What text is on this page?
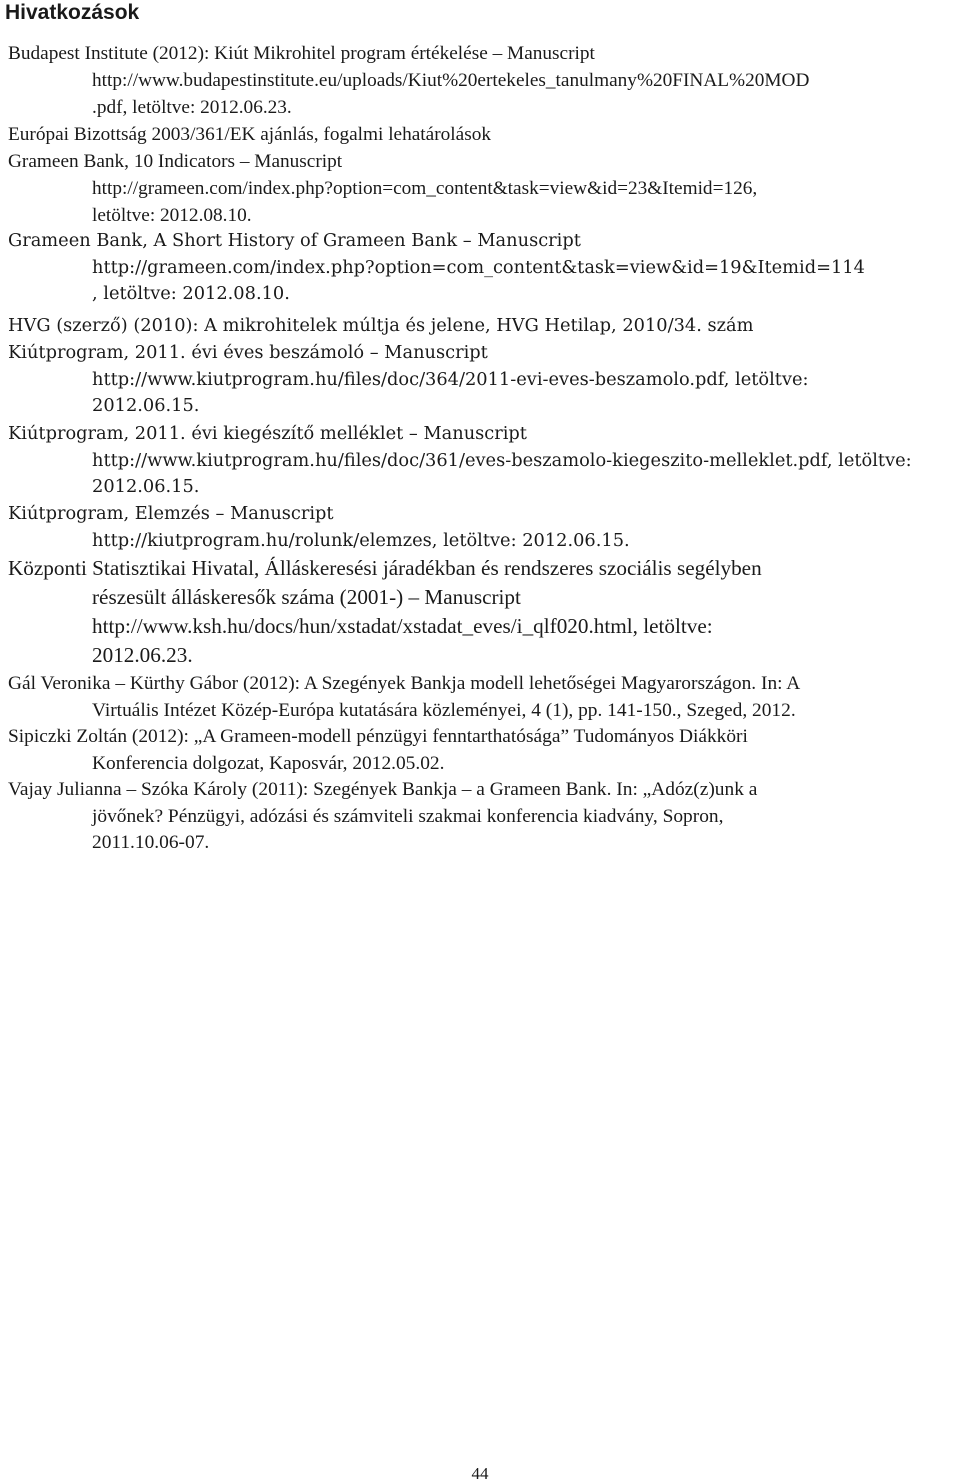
Hivatkozások

Budapest Institute (2012): Kiút Mikrohitel program értékelése – Manuscript
http://www.budapestinstitute.eu/uploads/Kiut%20ertekeles_tanulmany%20FINAL%20MOD
.pdf, letöltve: 2012.06.23.

Európai Bizottság 2003/361/EK ajánlás, fogalmi lehatárolások

Grameen Bank, 10 Indicators – Manuscript
http://grameen.com/index.php?option=com_content&task=view&id=23&Itemid=126,
letöltve: 2012.08.10.

Grameen Bank, A Short History of Grameen Bank – Manuscript
http://grameen.com/index.php?option=com_content&task=view&id=19&Itemid=114
, letöltve: 2012.08.10.

HVG (szerző) (2010): A mikrohitelek múltja és jelene, HVG Hetilap, 2010/34. szám

Kiútprogram, 2011. évi éves beszámoló – Manuscript
http://www.kiutprogram.hu/files/doc/364/2011-evi-eves-beszamolo.pdf, letöltve:
2012.06.15.

Kiútprogram, 2011. évi kiegészítő melléklet – Manuscript
http://www.kiutprogram.hu/files/doc/361/eves-beszamolo-kiegeszito-melleklet.pdf, letöltve:
2012.06.15.

Kiútprogram, Elemzés – Manuscript
http://kiutprogram.hu/rolunk/elemzes, letöltve: 2012.06.15.

Központi Statisztikai Hivatal, Álláskeresési járadékban és rendszeres szociális segélyben
részesült álláskeresők száma (2001-) – Manuscript
http://www.ksh.hu/docs/hun/xstadat/xstadat_eves/i_qlf020.html, letöltve:
2012.06.23.

Gál Veronika – Kürthy Gábor (2012): A Szegények Bankja modell lehetőségei Magyarországon. In: A
Virtuális Intézet Közép-Európa kutatására közleményei, 4 (1), pp. 141-150., Szeged, 2012.

Sipiczki Zoltán (2012): „A Grameen-modell pénzügyi fenntarthatósága” Tudományos Diákköri
Konferencia dolgozat, Kaposvár, 2012.05.02.

Vajay Julianna – Szóka Károly (2011): Szegények Bankja – a Grameen Bank. In: „Adóz(z)unk a
jövőnek? Pénzügyi, adózási és számviteli szakmai konferencia kiadvány, Sopron,
2011.10.06-07.

44
